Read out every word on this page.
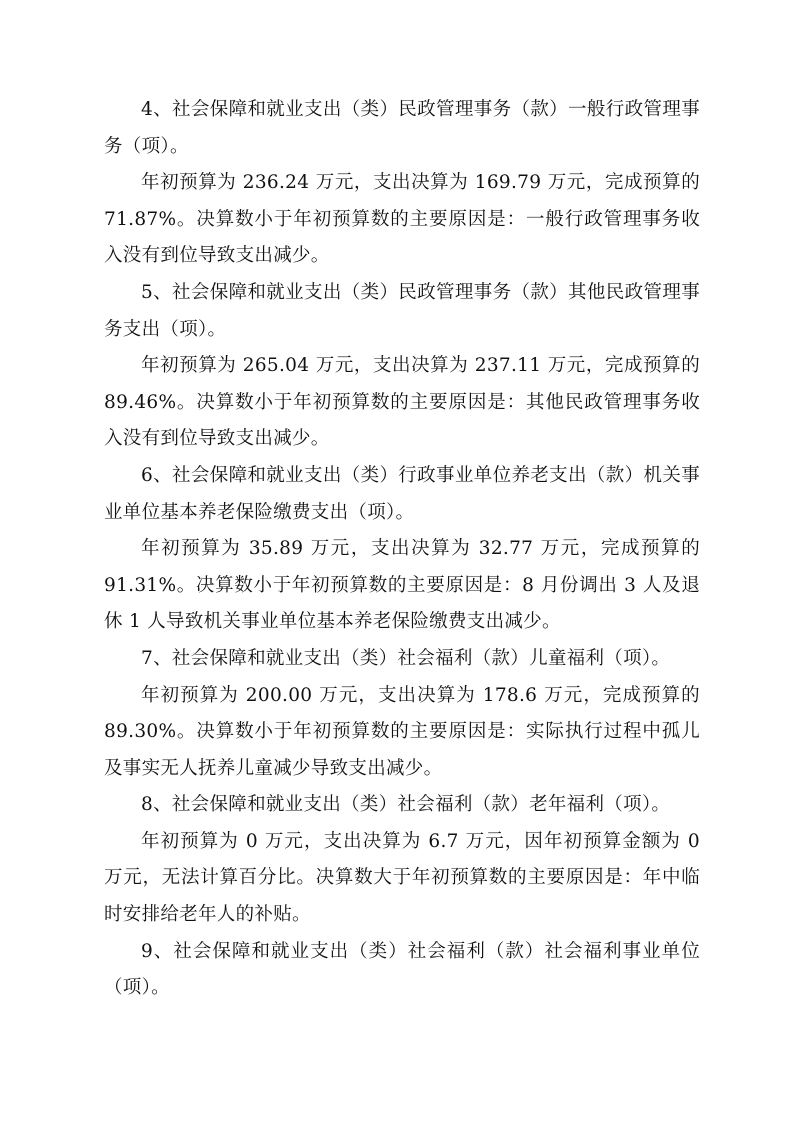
4、社会保障和就业支出（类）民政管理事务（款）一般行政管理事务（项）。

年初预算为 236.24 万元，支出决算为 169.79 万元，完成预算的 71.87%。决算数小于年初预算数的主要原因是：一般行政管理事务收入没有到位导致支出减少。

5、社会保障和就业支出（类）民政管理事务（款）其他民政管理事务支出（项）。

年初预算为 265.04 万元，支出决算为 237.11 万元，完成预算的 89.46%。决算数小于年初预算数的主要原因是：其他民政管理事务收入没有到位导致支出减少。

6、社会保障和就业支出（类）行政事业单位养老支出（款）机关事业单位基本养老保险缴费支出（项）。

年初预算为 35.89 万元，支出决算为 32.77 万元，完成预算的 91.31%。决算数小于年初预算数的主要原因是：8 月份调出 3 人及退休 1 人导致机关事业单位基本养老保险缴费支出减少。

7、社会保障和就业支出（类）社会福利（款）儿童福利（项）。

年初预算为 200.00 万元，支出决算为 178.6 万元，完成预算的 89.30%。决算数小于年初预算数的主要原因是：实际执行过程中孤儿及事实无人抚养儿童减少导致支出减少。

8、社会保障和就业支出（类）社会福利（款）老年福利（项）。

年初预算为 0 万元，支出决算为 6.7 万元，因年初预算金额为 0 万元，无法计算百分比。决算数大于年初预算数的主要原因是：年中临时安排给老年人的补贴。

9、社会保障和就业支出（类）社会福利（款）社会福利事业单位（项）。
